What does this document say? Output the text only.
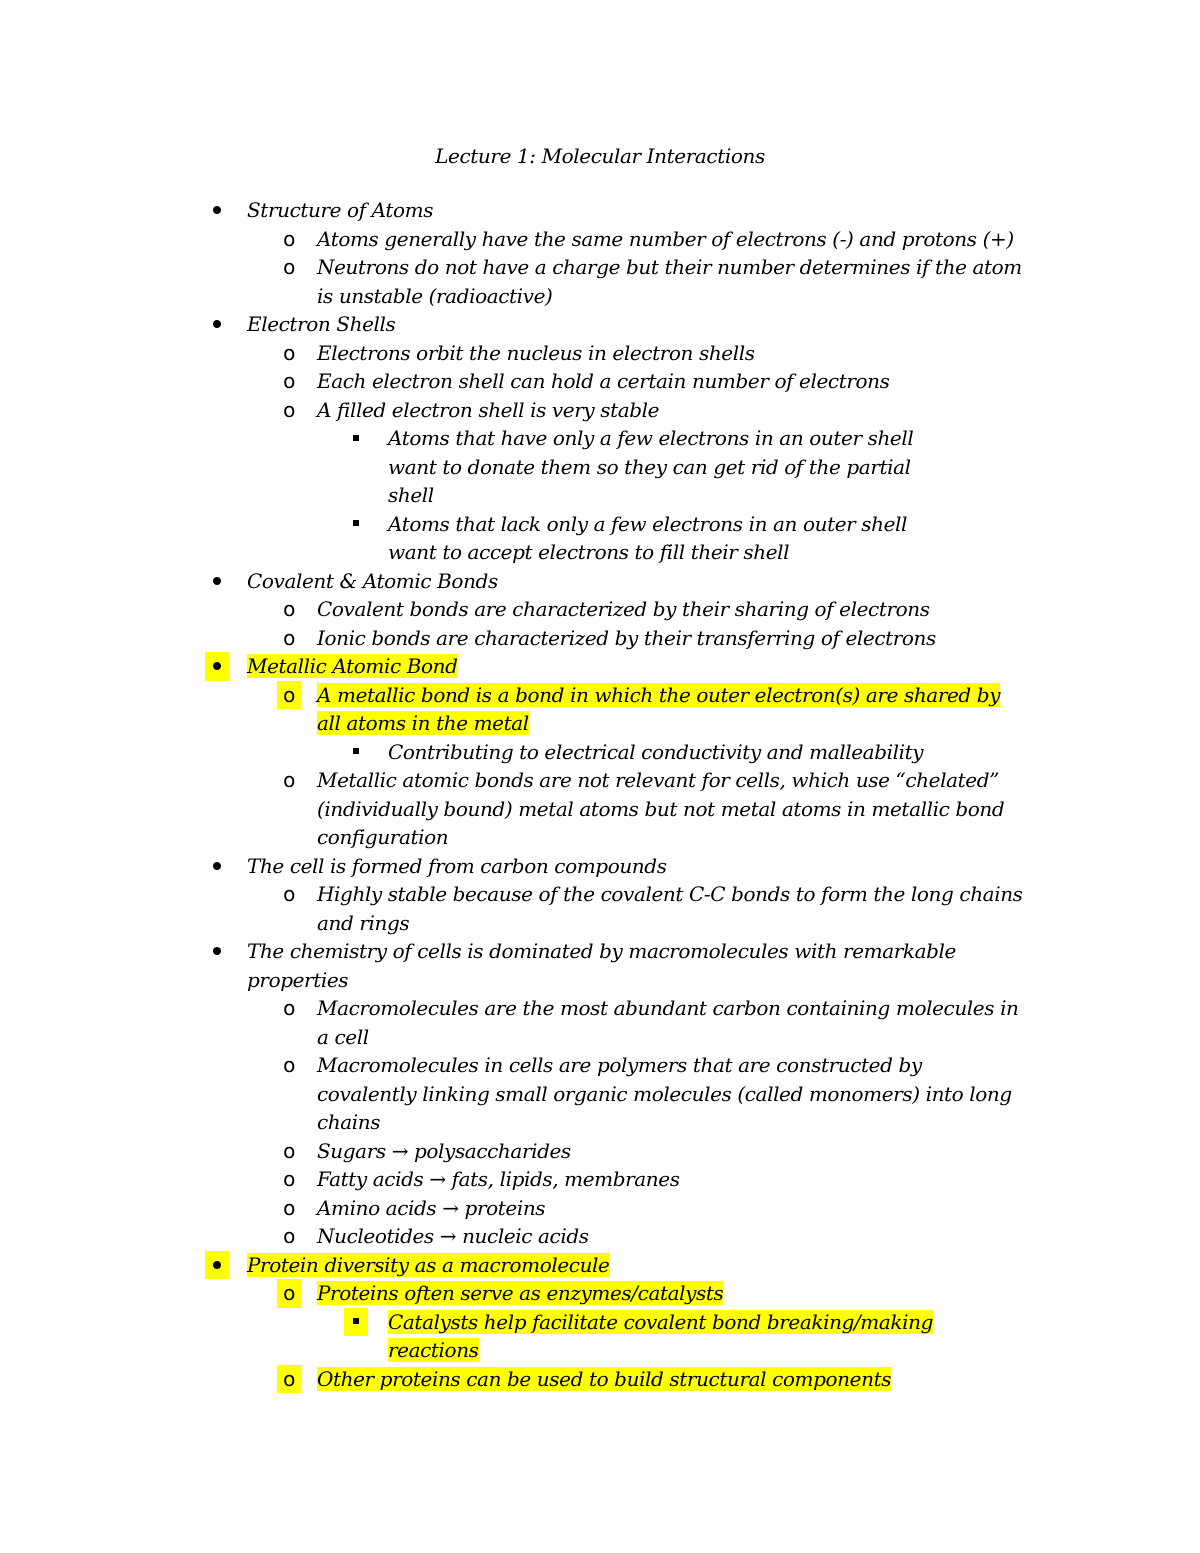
Lecture 1: Molecular Interactions
Structure of Atoms
o	Atoms generally have the same number of electrons (-) and protons (+)
o	Neutrons do not have a charge but their number determines if the atom is unstable (radioactive)
Electron Shells
o	Electrons orbit the nucleus in electron shells
o	Each electron shell can hold a certain number of electrons
o	A filled electron shell is very stable
Atoms that have only a few electrons in an outer shell want to donate them so they can get rid of the partial shell
Atoms that lack only a few electrons in an outer shell want to accept electrons to fill their shell
Covalent & Atomic Bonds
o	Covalent bonds are characterized by their sharing of electrons
o	Ionic bonds are characterized by their transferring of electrons
Metallic Atomic Bond
o	A metallic bond is a bond in which the outer electron(s) are shared by all atoms in the metal
Contributing to electrical conductivity and malleability
o	Metallic atomic bonds are not relevant for cells, which use “chelated” (individually bound) metal atoms but not metal atoms in metallic bond configuration
The cell is formed from carbon compounds
o	Highly stable because of the covalent C-C bonds to form the long chains and rings
The chemistry of cells is dominated by macromolecules with remarkable properties
o	Macromolecules are the most abundant carbon containing molecules in a cell
o	Macromolecules in cells are polymers that are constructed by covalently linking small organic molecules (called monomers) into long chains
o	Sugars → polysaccharides
o	Fatty acids → fats, lipids, membranes
o	Amino acids → proteins
o	Nucleotides → nucleic acids
Protein diversity as a macromolecule
o	Proteins often serve as enzymes/catalysts
Catalysts help facilitate covalent bond breaking/making reactions
o	Other proteins can be used to build structural components
